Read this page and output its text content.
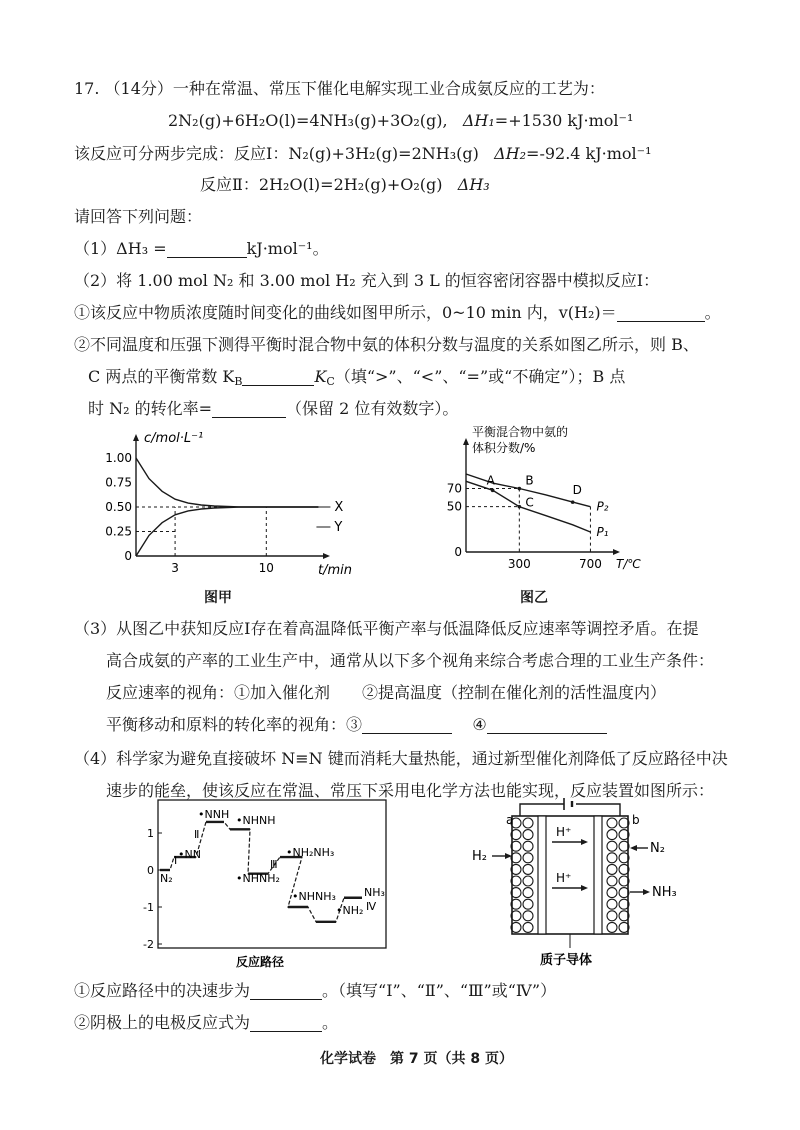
17. （14分）一种在常温、常压下催化电解实现工业合成氨反应的工艺为：
2N₂(g)+6H₂O(l)=4NH₃(g)+3O₂(g),   ΔH₁=+1530 kJ·mol⁻¹
该反应可分两步完成：反应Ⅰ：N₂(g)+3H₂(g)=2NH₃(g) ΔH₂=-92.4 kJ·mol⁻¹
反应Ⅱ：2H₂O(l)=2H₂(g)+O₂(g) ΔH₃
请回答下列问题：
（1）ΔH₃ =	kJ·mol⁻¹。
（2）将 1.00 mol N₂ 和 3.00 mol H₂ 充入到 3 L 的恒容密闭容器中模拟反应Ⅰ：
①该反应中物质浓度随时间变化的曲线如图甲所示，0~10 min 内，v(H₂)＝	。
②不同温度和压强下测得平衡时混合物中氨的体积分数与温度的关系如图乙所示，则 B、
C 两点的平衡常数 $K_B$	$K_C$（填“>”、“<”、“=”或“不确定”）；B 点
时 N₂ 的转化率=	（保留 2 位有效数字）。
c/mol·L⁻¹
t/min
1.00
0.75
0.50
0.25
0
3	10
X
Y
图甲
平衡混合物中氨的
体积分数/%
T/℃
70
50
0
300	700
P₂
P₁
A	B
C
D
图乙
（3）从图乙中获知反应Ⅰ存在着高温降低平衡产率与低温降低反应速率等调控矛盾。在提
高合成氨的产率的工业生产中，通常从以下多个视角来综合考虑合理的工业生产条件：
反应速率的视角：①加入催化剂　　②提高温度（控制在催化剂的活性温度内）
平衡移动和原料的转化率的视角：③	④
（4）科学家为避免直接破坏 N≡N 键而消耗大量热能，通过新型催化剂降低了反应路径中决
速步的能垒，使该反应在常温、常压下采用电化学方法也能实现，反应装置如图所示：
1
0
-1
-2
N₂
•NN
•NNH •NHNH
•NHNH₂
•NH₂NH₃
•NHNH₃
•NH₂
NH₃
Ⅰ
Ⅱ
Ⅲ
Ⅳ
反应路径
a	b
H⁺
H⁺
H₂
N₂
NH₃
质子导体
①反应路径中的决速步为	。（填写“Ⅰ”、“Ⅱ”、“Ⅲ”或“Ⅳ”）
②阴极上的电极反应式为	。
化学试卷　第 7 页（共 8 页）
